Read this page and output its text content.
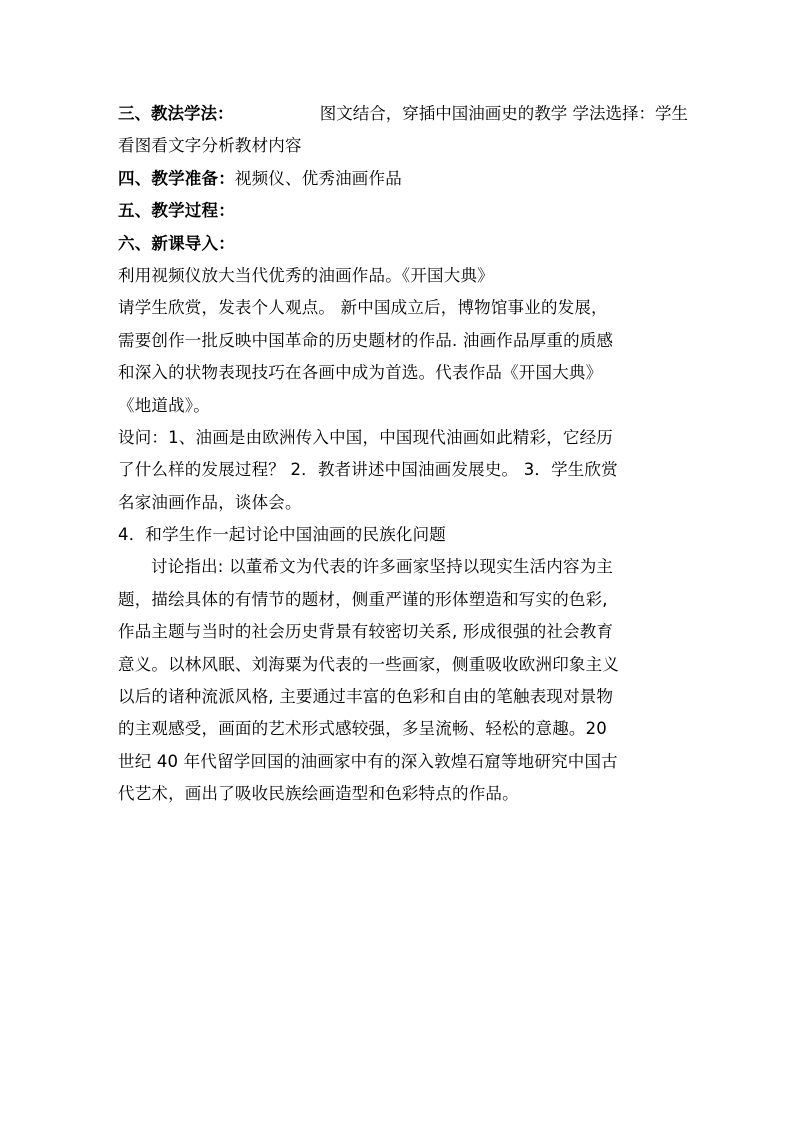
三、教法学法：	图文结合，穿插中国油画史的教学 学法选择：学生
看图看文字分析教材内容
四、教学准备：视频仪、优秀油画作品
五、教学过程：
六、新课导入：
利用视频仪放大当代优秀的油画作品。《开国大典》
请学生欣赏，发表个人观点。 新中国成立后，博物馆事业的发展，
需要创作一批反映中国革命的历史题材的作品. 油画作品厚重的质感
和深入的状物表现技巧在各画中成为首选。代表作品《开国大典》
《地道战》。
设问：1、油画是由欧洲传入中国，中国现代油画如此精彩，它经历
了什么样的发展过程？ 2．教者讲述中国油画发展史。 3．学生欣赏
名家油画作品，谈体会。
4．和学生作一起讨论中国油画的民族化问题
讨论指出: 以董希文为代表的许多画家坚持以现实生活内容为主
题，描绘具体的有情节的题材，侧重严谨的形体塑造和写实的色彩,
作品主题与当时的社会历史背景有较密切关系, 形成很强的社会教育
意义。以林风眠、刘海粟为代表的一些画家，侧重吸收欧洲印象主义
以后的诸种流派风格, 主要通过丰富的色彩和自由的笔触表现对景物
的主观感受，画面的艺术形式感较强，多呈流畅、轻松的意趣。20
世纪 40 年代留学回国的油画家中有的深入敦煌石窟等地研究中国古
代艺术，画出了吸收民族绘画造型和色彩特点的作品。
